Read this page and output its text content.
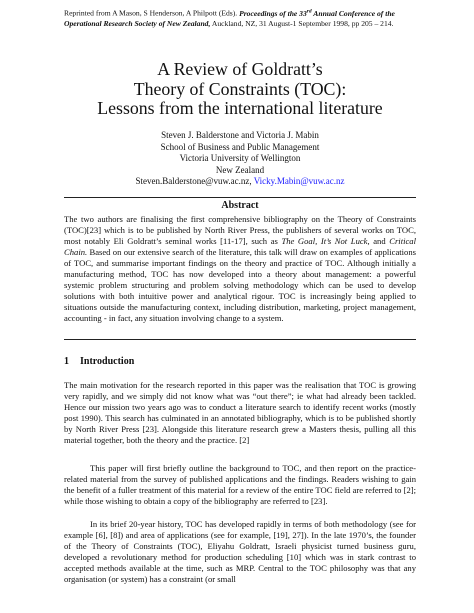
Reprinted from A Mason, S Henderson, A Philpott (Eds). Proceedings of the 33rd Annual Conference of the Operational Research Society of New Zealand, Auckland, NZ, 31 August-1 September 1998, pp 205 – 214.
A Review of Goldratt’s
Theory of Constraints (TOC):
Lessons from the international literature
Steven J. Balderstone and Victoria J. Mabin
School of Business and Public Management
Victoria University of Wellington
New Zealand
Steven.Balderstone@vuw.ac.nz, Vicky.Mabin@vuw.ac.nz
Abstract
The two authors are finalising the first comprehensive bibliography on the Theory of Constraints (TOC)[23] which is to be published by North River Press, the publishers of several works on TOC, most notably Eli Goldratt’s seminal works [11-17], such as The Goal, It’s Not Luck, and Critical Chain. Based on our extensive search of the literature, this talk will draw on examples of applications of TOC, and summarise important findings on the theory and practice of TOC. Although initially a manufacturing method, TOC has now developed into a theory about management: a powerful systemic problem structuring and problem solving methodology which can be used to develop solutions with both intuitive power and analytical rigour. TOC is increasingly being applied to situations outside the manufacturing context, including distribution, marketing, project management, accounting - in fact, any situation involving change to a system.
1 Introduction

The main motivation for the research reported in this paper was the realisation that TOC is growing very rapidly, and we simply did not know what was “out there”; ie what had already been tackled. Hence our mission two years ago was to conduct a literature search to identify recent works (mostly post 1990). This search has culminated in an annotated bibliography, which is to be published shortly by North River Press [23]. Alongside this literature research grew a Masters thesis, pulling all this material together, both the theory and the practice. [2]

This paper will first briefly outline the background to TOC, and then report on the practice-related material from the survey of published applications and the findings. Readers wishing to gain the benefit of a fuller treatment of this material for a review of the entire TOC field are referred to [2]; while those wishing to obtain a copy of the bibliography are referred to [23].

In its brief 20-year history, TOC has developed rapidly in terms of both methodology (see for example [6], [8]) and area of applications (see for example, [19], 27]). In the late 1970’s, the founder of the Theory of Constraints (TOC), Eliyahu Goldratt, Israeli physicist turned business guru, developed a revolutionary method for production scheduling [10] which was in stark contrast to accepted methods available at the time, such as MRP. Central to the TOC philosophy was that any organisation (or system) has a constraint (or small
